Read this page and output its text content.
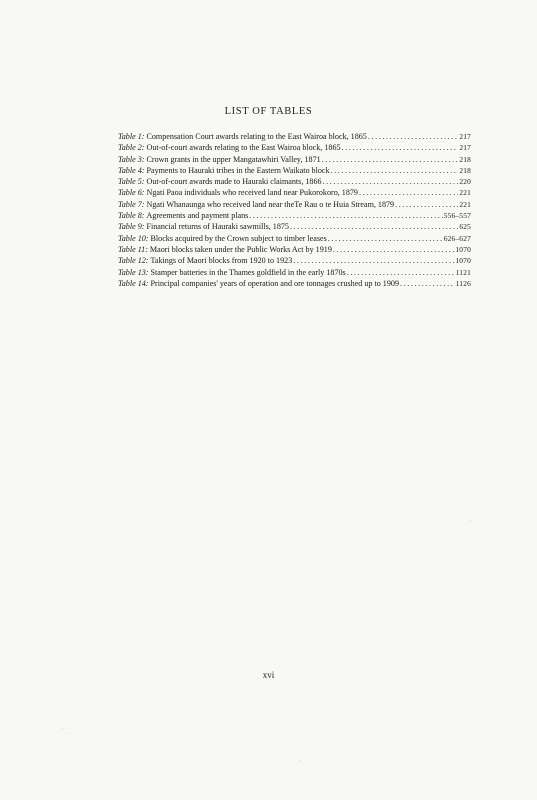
LIST OF TABLES
Table 1: Compensation Court awards relating to the East Wairoa block, 1865 .....	217
Table 2: Out-of-court awards relating to the East Wairoa block, 1865 .....	217
Table 3: Crown grants in the upper Mangatawhiri Valley, 1871 .....	218
Table 4: Payments to Hauraki tribes in the Eastern Waikato block .....	218
Table 5: Out-of-court awards made to Hauraki claimants, 1866 .....	220
Table 6: Ngati Paoa individuals who received land near Pukorokoro, 1879 .....	221
Table 7: Ngati Whanaunga who received land near theTe Rau o te Huia Stream, 1879 .....	221
Table 8: Agreements and payment plans .....	556–557
Table 9: Financial returns of Hauraki sawmills, 1875 .....	625
Table 10: Blocks acquired by the Crown subject to timber leases .....	626–627
Table 11: Maori blocks taken under the Public Works Act by 1919 .....	1070
Table 12: Takings of Maori blocks from 1920 to 1923 .....	1070
Table 13: Stamper batteries in the Thames goldfield in the early 1870s .....	1121
Table 14: Principal companies' years of operation and ore tonnages crushed up to 1909 .....	1126
xvi
